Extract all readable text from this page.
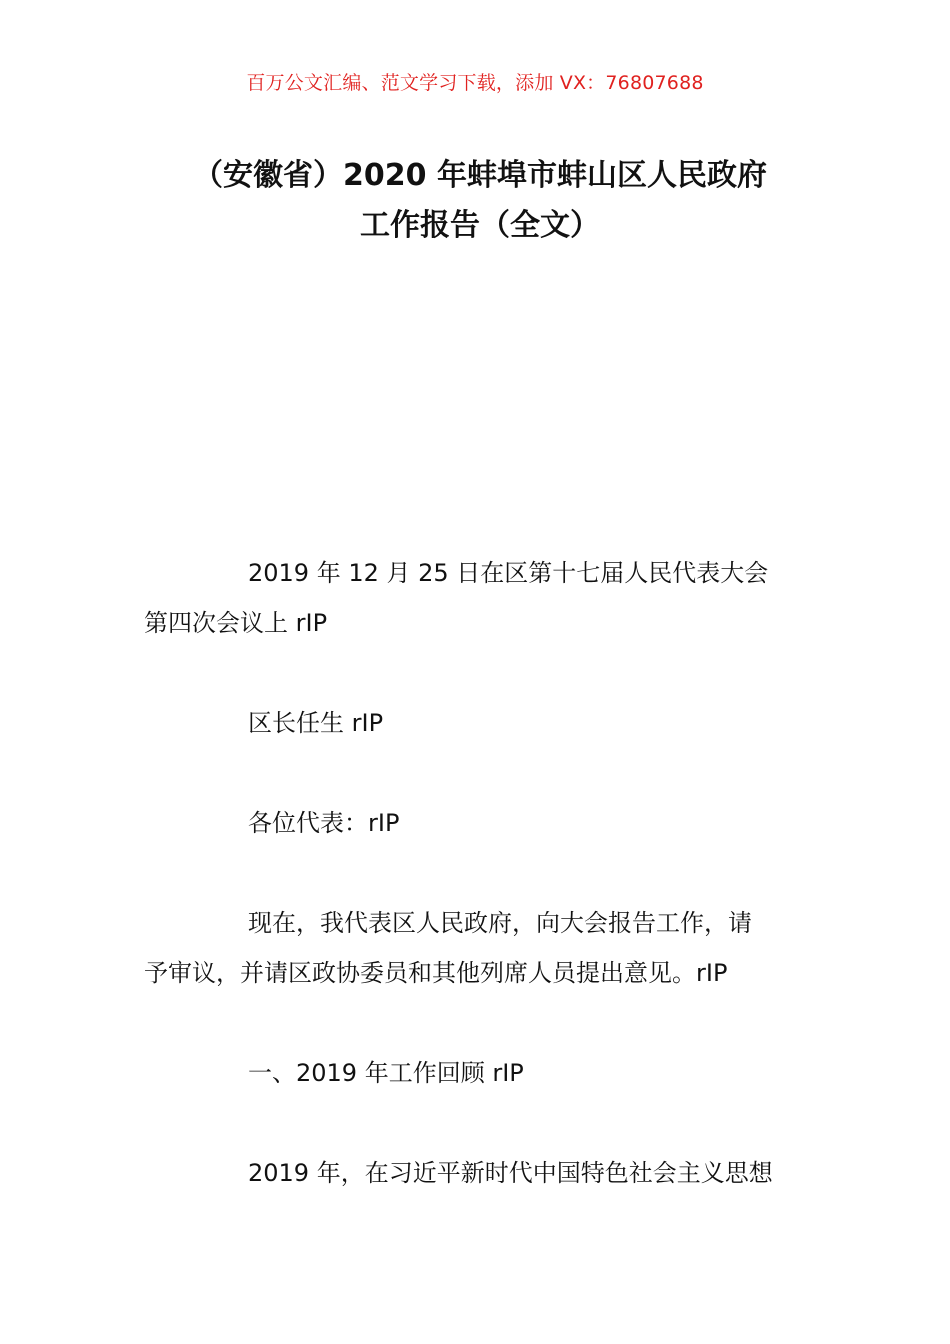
百万公文汇编、范文学习下载，添加 VX：76807688
（安徽省）2020 年蚌埠市蚌山区人民政府
工作报告（全文）
2019 年 12 月 25 日在区第十七届人民代表大会
第四次会议上 rIP
区长任生 rIP
各位代表：rIP
现在，我代表区人民政府，向大会报告工作，请
予审议，并请区政协委员和其他列席人员提出意见。rIP
一、2019 年工作回顾 rIP
2019 年，在习近平新时代中国特色社会主义思想
